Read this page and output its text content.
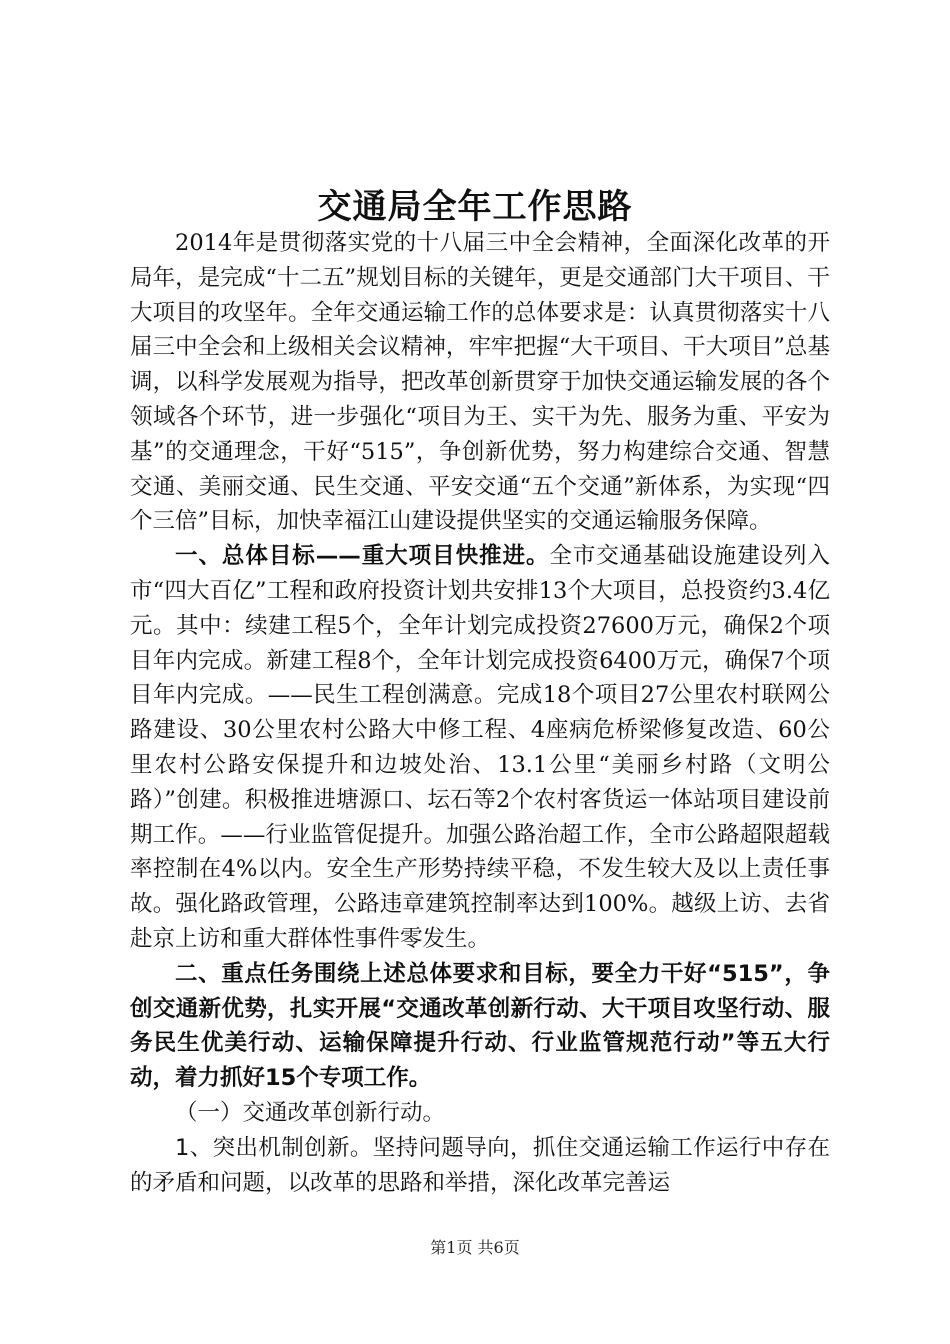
交通局全年工作思路

2014年是贯彻落实党的十八届三中全会精神，全面深化改革的开局年，是完成“十二五”规划目标的关键年，更是交通部门大干项目、干大项目的攻坚年。全年交通运输工作的总体要求是：认真贯彻落实十八届三中全会和上级相关会议精神，牢牢把握“大干项目、干大项目”总基调，以科学发展观为指导，把改革创新贯穿于加快交通运输发展的各个领域各个环节，进一步强化“项目为王、实干为先、服务为重、平安为基”的交通理念，干好“515”，争创新优势，努力构建综合交通、智慧交通、美丽交通、民生交通、平安交通“五个交通”新体系，为实现“四个三倍”目标，加快幸福江山建设提供坚实的交通运输服务保障。

一、总体目标——重大项目快推进。全市交通基础设施建设列入市“四大百亿”工程和政府投资计划共安排13个大项目，总投资约3.4亿元。其中：续建工程5个，全年计划完成投资27600万元，确保2个项目年内完成。新建工程8个，全年计划完成投资6400万元，确保7个项目年内完成。——民生工程创满意。完成18个项目27公里农村联网公路建设、30公里农村公路大中修工程、4座病危桥梁修复改造、60公里农村公路安保提升和边坡处治、13.1公里“美丽乡村路（文明公路）”创建。积极推进塘源口、坛石等2个农村客货运一体站项目建设前期工作。——行业监管促提升。加强公路治超工作，全市公路超限超载率控制在4%以内。安全生产形势持续平稳，不发生较大及以上责任事故。强化路政管理，公路违章建筑控制率达到100%。越级上访、去省赴京上访和重大群体性事件零发生。

二、重点任务围绕上述总体要求和目标，要全力干好“515”，争创交通新优势，扎实开展“交通改革创新行动、大干项目攻坚行动、服务民生优美行动、运输保障提升行动、行业监管规范行动”等五大行动，着力抓好15个专项工作。

（一）交通改革创新行动。

1、突出机制创新。坚持问题导向，抓住交通运输工作运行中存在的矛盾和问题，以改革的思路和举措，深化改革完善运

第1页 共6页
